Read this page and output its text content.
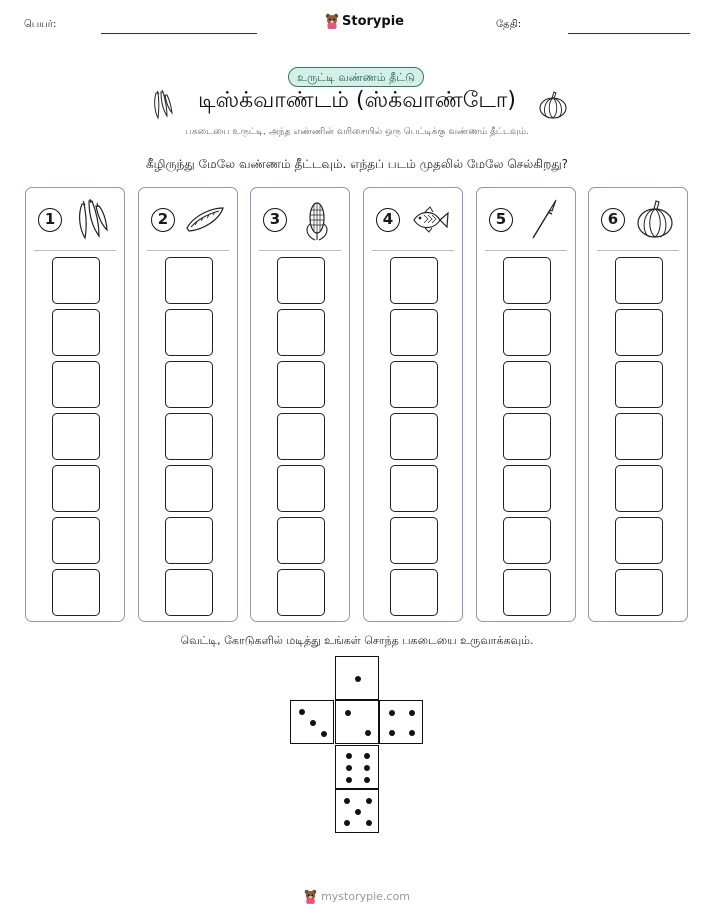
பெயர்:	Storypie	தேதி:
உருட்டி வண்ணம் தீட்டு
டிஸ்க்வாண்டம் (ஸ்க்வாண்டோ)
பகடையை உருட்டி, அந்த எண்ணின் வரிசையில் ஒரு பெட்டிக்கு வண்ணம் தீட்டவும்.
கீழிருந்து மேலே வண்ணம் தீட்டவும். எந்தப் படம் முதலில் மேலே செல்கிறது?
1	2	3	4	5	6
வெட்டி, கோடுகளில் மடித்து உங்கள் சொந்த பகடையை உருவாக்கவும்.
mystorypie.com
